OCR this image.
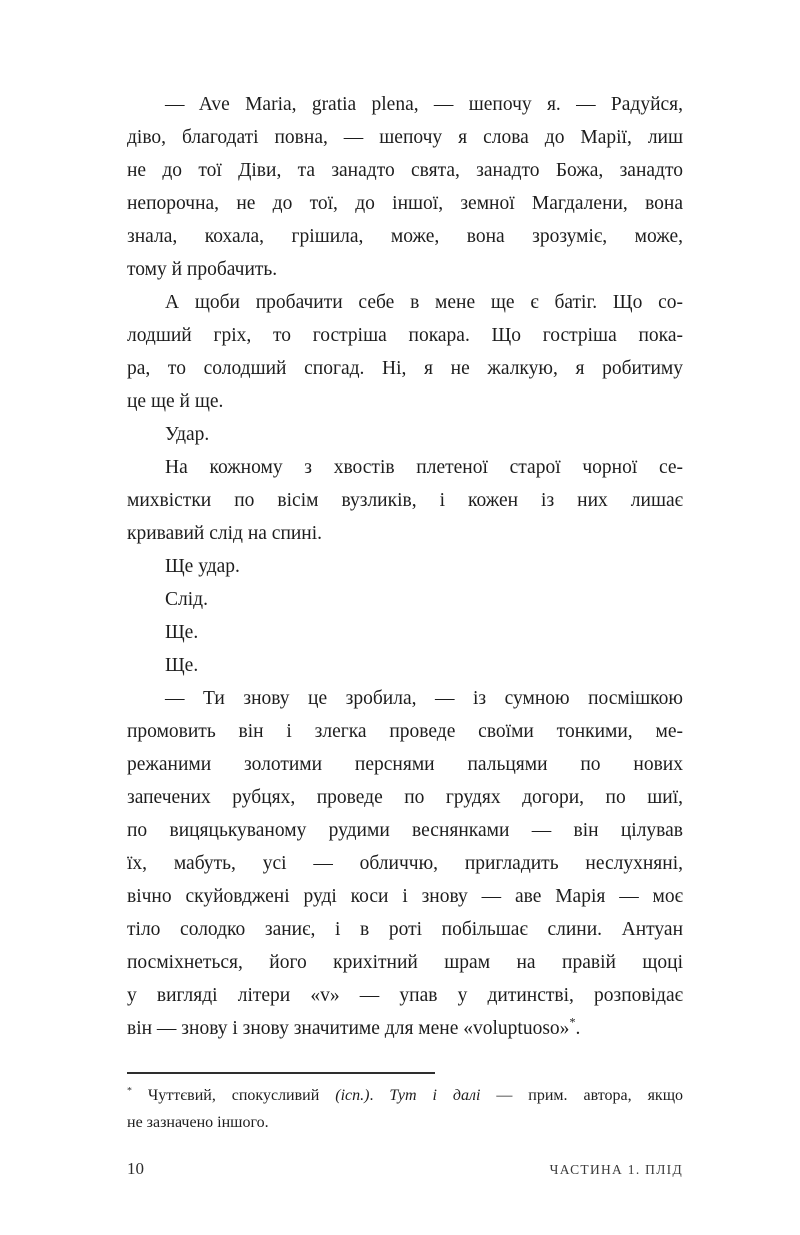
— Ave Maria, gratia plena, — шепочу я. — Радуйся,
діво, благодаті повна, — шепочу я слова до Марії, лиш
не до тої Діви, та занадто свята, занадто Божа, занадто
непорочна, не до тої, до іншої, земної Магдалени, вона
знала, кохала, грішила, може, вона зрозуміє, може,
тому й пробачить.
А щоби пробачити себе в мене ще є батіг. Що со-
лодший гріх, то гостріша покара. Що гостріша пока-
ра, то солодший спогад. Ні, я не жалкую, я робитиму
це ще й ще.
Удар.
На кожному з хвостів плетеної старої чорної се-
михвістки по вісім вузликів, і кожен із них лишає
кривавий слід на спині.
Ще удар.
Слід.
Ще.
Ще.
— Ти знову це зробила, — із сумною посмішкою
промовить він і злегка проведе своїми тонкими, ме-
режаними золотими перснями пальцями по нових
запечених рубцях, проведе по грудях догори, по шиї,
по вицяцькуваному рудими веснянками — він цілував
їх, мабуть, усі — обличчю, пригладить неслухняні,
вічно скуйовджені руді коси і знову — аве Марія — моє
тіло солодко заниє, і в роті побільшає слини. Антуан
посміхнеться, його крихітний шрам на правій щоці
у вигляді літери «v» — упав у дитинстві, розповідає
він — знову і знову значитиме для мене «voluptuoso»*.
* Чуттєвий, спокусливий (ісп.). Тут і далі — прим. автора, якщо
не зазначено іншого.
10	ЧАСТИНА 1. ПЛІД
